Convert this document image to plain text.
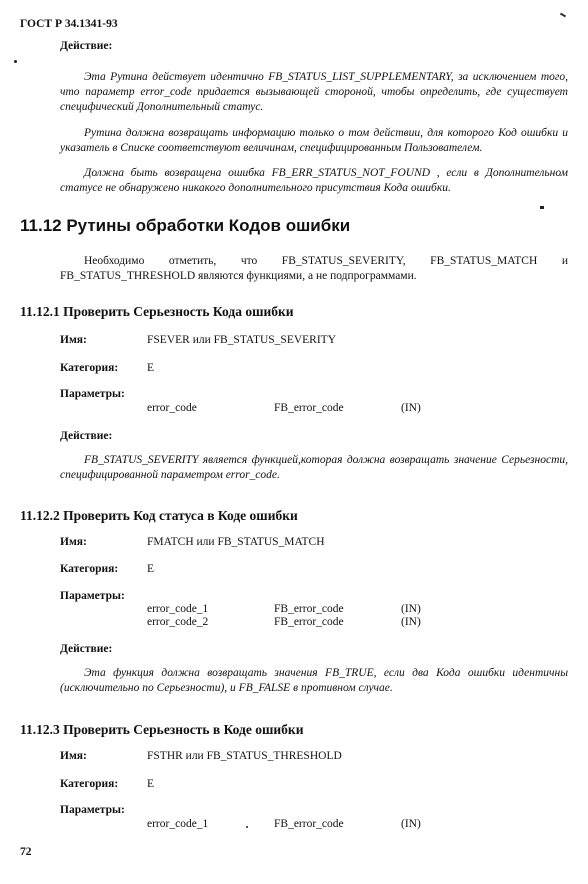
ГОСТ Р 34.1341-93
Действие:
Эта Рутина действует идентично FB_STATUS_LIST_SUPPLEMENTARY, за исключением того, что параметр error_code придается вызывающей стороной, чтобы определить, где существует специфический Дополнительный статус.
Рутина должна возвращать информацию только о том действии, для которого Код ошибки и указатель в Списке соответствуют величинам, специфицированным Пользователем.
Должна быть возвращена ошибка FB_ERR_STATUS_NOT_FOUND , если в Дополнительном статусе не обнаружено никакого дополнительного присутствия Кода ошибки.
11.12 Рутины обработки Кодов ошибки
Необходимо отметить, что FB_STATUS_SEVERITY, FB_STATUS_MATCH и FB_STATUS_THRESHOLD являются функциями, а не подпрограммами.
11.12.1 Проверить Серьезность Кода ошибки
Имя:	FSEVER или FB_STATUS_SEVERITY
Категория:	E
Параметры:
error_code	FB_error_code	(IN)
Действие:
FB_STATUS_SEVERITY является функцией,которая должна возвращать значение Серьезности, специфицированной параметром error_code.
11.12.2 Проверить Код статуса в Коде ошибки
Имя:	FMATCH или FB_STATUS_MATCH
Категория:	E
Параметры:
error_code_1	FB_error_code	(IN)
error_code_2	FB_error_code	(IN)
Действие:
Эта функция должна возвращать значения FB_TRUE, если два Кода ошибки идентичны (исключительно по Серьезности), и FB_FALSE в противном случае.
11.12.3 Проверить Серьезность в Коде ошибки
Имя:	FSTHR или FB_STATUS_THRESHOLD
Категория:	E
Параметры:
error_code_1	FB_error_code	(IN)
72
